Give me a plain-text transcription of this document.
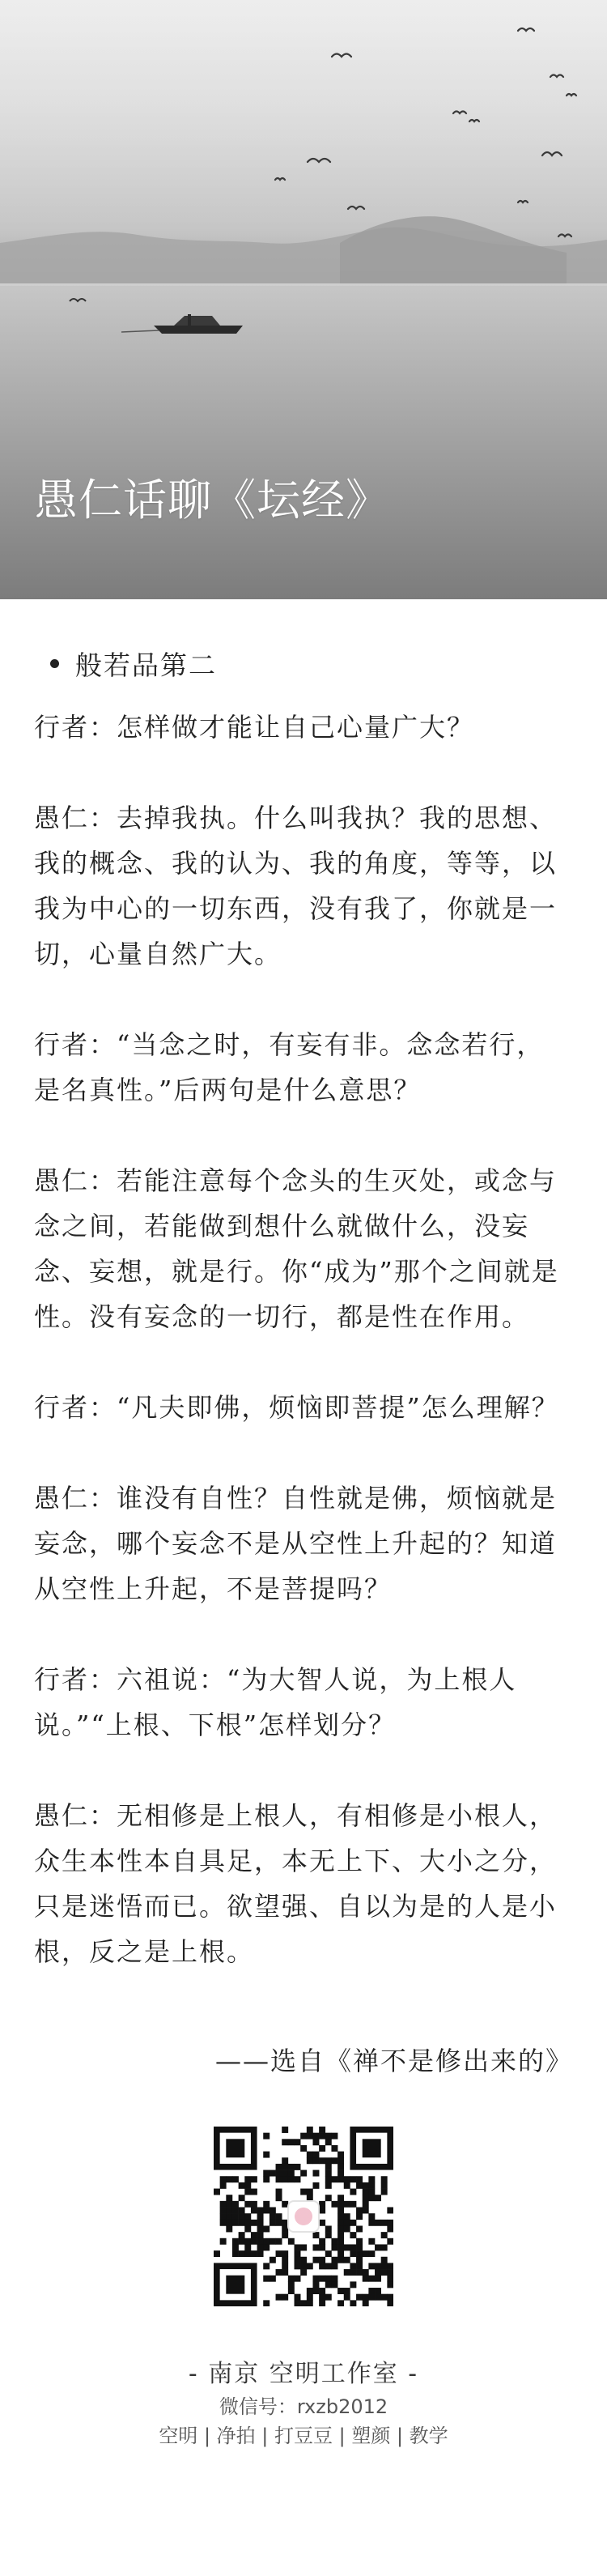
愚仁话聊《坛经》
般若品第二

行者：怎样做才能让自己心量广大？

愚仁：去掉我执。什么叫我执？我的思想、我的概念、我的认为、我的角度，等等，以我为中心的一切东西，没有我了，你就是一切，心量自然广大。

行者：“当念之时，有妄有非。念念若行，是名真性。”后两句是什么意思？

愚仁：若能注意每个念头的生灭处，或念与念之间，若能做到想什么就做什么，没妄念、妄想，就是行。你“成为”那个之间就是性。没有妄念的一切行，都是性在作用。

行者：“凡夫即佛，烦恼即菩提”怎么理解？

愚仁：谁没有自性？自性就是佛，烦恼就是妄念，哪个妄念不是从空性上升起的？知道从空性上升起，不是菩提吗？

行者：六祖说：“为大智人说，为上根人说。”“上根、下根”怎样划分？

愚仁：无相修是上根人，有相修是小根人，众生本性本自具足，本无上下、大小之分，只是迷悟而已。欲望强、自以为是的人是小根，反之是上根。

——选自《禅不是修出来的》
- 南京 空明工作室 -
微信号：rxzb2012
空明 | 净拍 | 打豆豆 | 塑颜 | 教学
